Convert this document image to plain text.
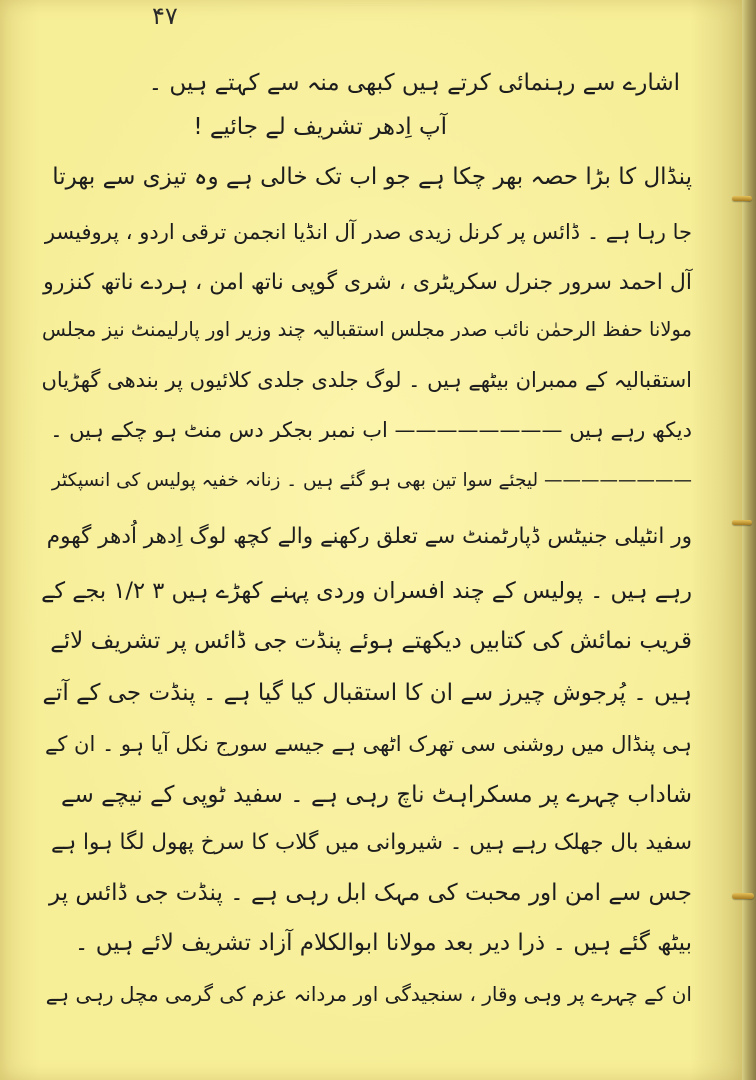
۴۷
اشارے سے رہنمائی کرتے ہیں کبھی منہ سے کہتے ہیں ۔
آپ اِدھر تشریف لے جائیے !
پنڈال کا بڑا حصہ بھر چکا ہے جو اب تک خالی ہے وہ تیزی سے بھرتا
جا رہا ہے ۔ ڈائس پر کرنل زیدی صدر آل انڈیا انجمن ترقی اردو ، پروفیسر
آل احمد سرور جنرل سکریٹری ، شری گوپی ناتھ امن ، ہردے ناتھ کنزرو
مولانا حفظ الرحمٰن نائب صدر مجلس استقبالیہ چند وزیر اور پارلیمنٹ نیز مجلس
استقبالیہ کے ممبران بیٹھے ہیں ۔ لوگ جلدی جلدی کلائیوں پر بندھی گھڑیاں
دیکھ رہے ہیں ———————— اب نمبر بجکر دس منٹ ہو چکے ہیں ۔
———————— لیجئے سوا تین بھی ہو گئے ہیں ۔ زنانہ خفیہ پولیس کی انسپکٹر
ور انٹیلی جنیٹس ڈپارٹمنٹ سے تعلق رکھنے والے کچھ لوگ اِدھر اُدھر گھوم
رہے ہیں ۔ پولیس کے چند افسران وردی پہنے کھڑے ہیں ۳ ۱/۲ بجے کے
قریب نمائش کی کتابیں دیکھتے ہوئے پنڈت جی ڈائس پر تشریف لائے
ہیں ۔ پُرجوش چیرز سے ان کا استقبال کیا گیا ہے ۔ پنڈت جی کے آتے
ہی پنڈال میں روشنی سی تھرک اٹھی ہے جیسے سورج نکل آیا ہو ۔ ان کے
شاداب چہرے پر مسکراہٹ ناچ رہی ہے ۔ سفید ٹوپی کے نیچے سے
سفید بال جھلک رہے ہیں ۔ شیروانی میں گلاب کا سرخ پھول لگا ہوا ہے
جس سے امن اور محبت کی مہک ابل رہی ہے ۔ پنڈت جی ڈائس پر
بیٹھ گئے ہیں ۔ ذرا دیر بعد مولانا ابوالکلام آزاد تشریف لائے ہیں ۔
ان کے چہرے پر وہی وقار ، سنجیدگی اور مردانہ عزم کی گرمی مچل رہی ہے
